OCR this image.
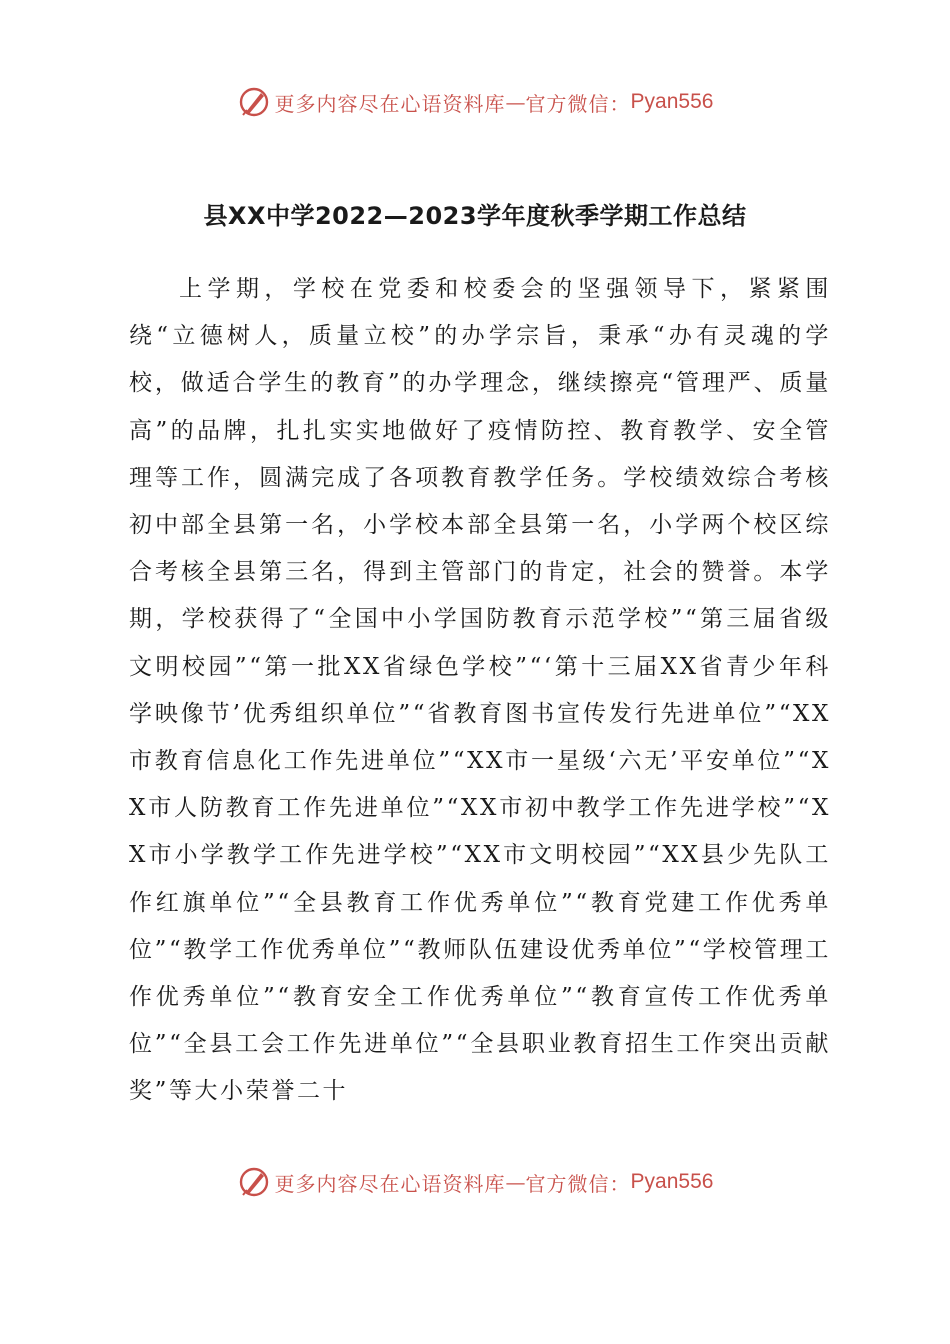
更多内容尽在心语资料库 — 官方微信： Pyan556
县XX中学2022—2023学年度秋季学期工作总结

上学期，学校在党委和校委会的坚强领导下，紧紧围绕“立德树人，质量立校”的办学宗旨，秉承“办有灵魂的学校，做适合学生的教育”的办学理念，继续擦亮“管理严、质量高”的品牌，扎扎实实地做好了疫情防控、教育教学、安全管理等工作，圆满完成了各项教育教学任务。学校绩效综合考核初中部全县第一名，小学校本部全县第一名，小学两个校区综合考核全县第三名，得到主管部门的肯定，社会的赞誉。本学期，学校获得了“全国中小学国防教育示范学校”“第三届省级文明校园”“第一批XX省绿色学校”“‘第十三届XX省青少年科学映像节’优秀组织单位”“省教育图书宣传发行先进单位”“XX市教育信息化工作先进单位”“XX市一星级‘六无’平安单位”“XX市人防教育工作先进单位”“XX市初中教学工作先进学校”“XX市小学教学工作先进学校”“XX市文明校园”“XX县少先队工作红旗单位”“全县教育工作优秀单位”“教育党建工作优秀单位”“教学工作优秀单位”“教师队伍建设优秀单位”“学校管理工作优秀单位”“教育安全工作优秀单位”“教育宣传工作优秀单位”“全县工会工作先进单位”“全县职业教育招生工作突出贡献奖”等大小荣誉二十

更多内容尽在心语资料库 — 官方微信： Pyan556
